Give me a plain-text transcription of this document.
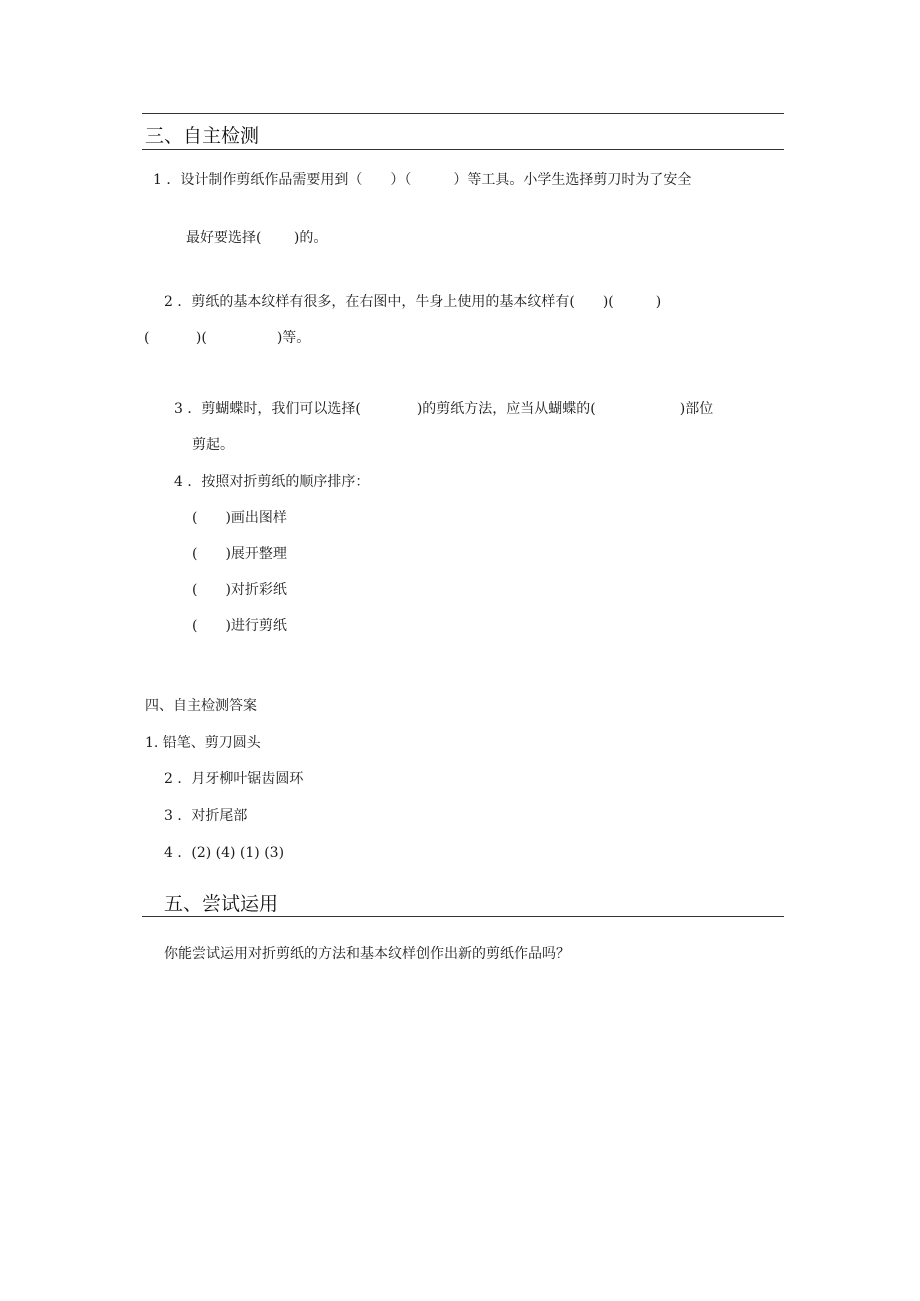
三、自主检测
1 ．设计制作剪纸作品需要用到（　　）（　　　）等工具。小学生选择剪刀时为了安全
最好要选择(　　 )的。
2 ．剪纸的基本纹样有很多，在右图中，牛身上使用的基本纹样有(　　)(　　　)
(　　　 )(　　　　　)等。
3 ．剪蝴蝶时，我们可以选择(　　　　)的剪纸方法，应当从蝴蝶的(　　　　　　)部位
剪起。
4 ．按照对折剪纸的顺序排序：
(　　)画出图样
(　　)展开整理
(　　)对折彩纸
(　　)进行剪纸
四、自主检测答案
1. 铅笔、剪刀圆头
2 ．月牙柳叶锯齿圆环
3 ．对折尾部
4 ．(2) (4) (1) (3)
五、尝试运用
你能尝试运用对折剪纸的方法和基本纹样创作出新的剪纸作品吗？
